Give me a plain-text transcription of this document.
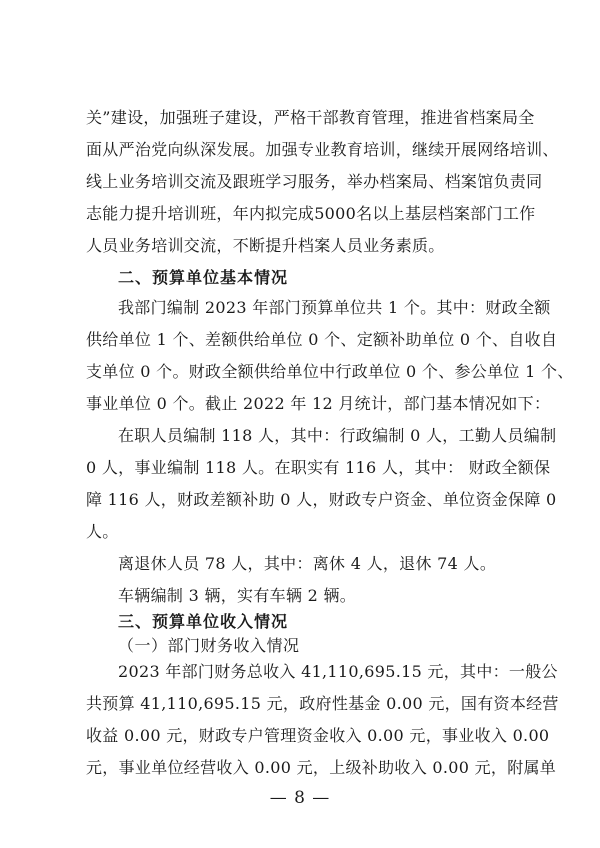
关”建设，加强班子建设，严格干部教育管理，推进省档案局全
面从严治党向纵深发展。加强专业教育培训，继续开展网络培训、
线上业务培训交流及跟班学习服务，举办档案局、档案馆负责同
志能力提升培训班，年内拟完成5000名以上基层档案部门工作
人员业务培训交流，不断提升档案人员业务素质。
二、预算单位基本情况
我部门编制 2023 年部门预算单位共 1 个。其中：财政全额
供给单位 1 个、差额供给单位 0 个、定额补助单位 0 个、自收自
支单位 0 个。财政全额供给单位中行政单位 0 个、参公单位 1 个、
事业单位 0 个。截止 2022 年 12 月统计，部门基本情况如下：
在职人员编制 118 人，其中：行政编制 0 人，工勤人员编制
0 人，事业编制 118 人。在职实有 116 人，其中： 财政全额保
障 116 人，财政差额补助 0 人，财政专户资金、单位资金保障 0
人。
离退休人员 78 人，其中：离休 4 人，退休 74 人。
车辆编制 3 辆，实有车辆 2 辆。
三、预算单位收入情况
（一）部门财务收入情况
2023 年部门财务总收入 41,110,695.15 元，其中：一般公
共预算 41,110,695.15 元，政府性基金 0.00 元，国有资本经营
收益 0.00 元，财政专户管理资金收入 0.00 元，事业收入 0.00
元，事业单位经营收入 0.00 元，上级补助收入 0.00 元，附属单
— 8 —
